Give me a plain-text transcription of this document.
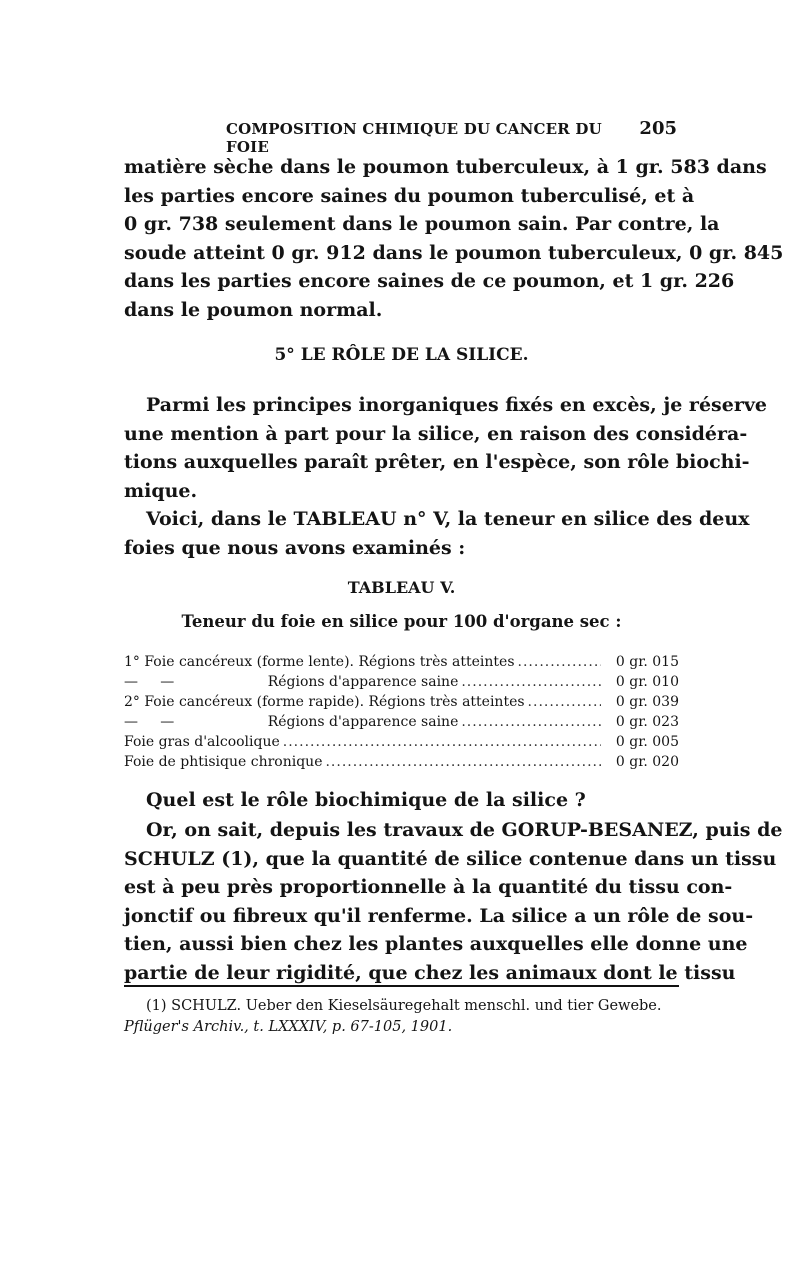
COMPOSITION CHIMIQUE DU CANCER DU FOIE
205

matière sèche dans le poumon tuberculeux, à 1 gr. 583 dans
les parties encore saines du poumon tuberculisé, et à
0 gr. 738 seulement dans le poumon sain. Par contre, la
soude atteint 0 gr. 912 dans le poumon tuberculeux, 0 gr. 845
dans les parties encore saines de ce poumon, et 1 gr. 226
dans le poumon normal.

5° LE RÔLE DE LA SILICE.

Parmi les principes inorganiques fixés en excès, je réserve
une mention à part pour la silice, en raison des considéra-
tions auxquelles paraît prêter, en l'espèce, son rôle biochi-
mique.

Voici, dans le TABLEAU n° V, la teneur en silice des deux
foies que nous avons examinés :

TABLEAU V.
Teneur du foie en silice pour 100 d'organe sec :
1° Foie cancéreux (forme lente). Régions très atteintes .....	0 gr. 015
—     —                     Régions d'apparence saine .....	0 gr. 010
2° Foie cancéreux (forme rapide). Régions très atteintes .....	0 gr. 039
—     —                     Régions d'apparence saine .....	0 gr. 023
Foie gras d'alcoolique .....	0 gr. 005
Foie de phtisique chronique .....	0 gr. 020

Quel est le rôle biochimique de la silice ?

Or, on sait, depuis les travaux de GORUP-BESANEZ, puis de
SCHULZ (1), que la quantité de silice contenue dans un tissu
est à peu près proportionnelle à la quantité du tissu con-
jonctif ou fibreux qu'il renferme. La silice a un rôle de sou-
tien, aussi bien chez les plantes auxquelles elle donne une
partie de leur rigidité, que chez les animaux dont le tissu

(1) SCHULZ. Ueber den Kieselsäuregehalt menschl. und tier Gewebe.
Pflüger's Archiv., t. LXXXIV, p. 67-105, 1901.
